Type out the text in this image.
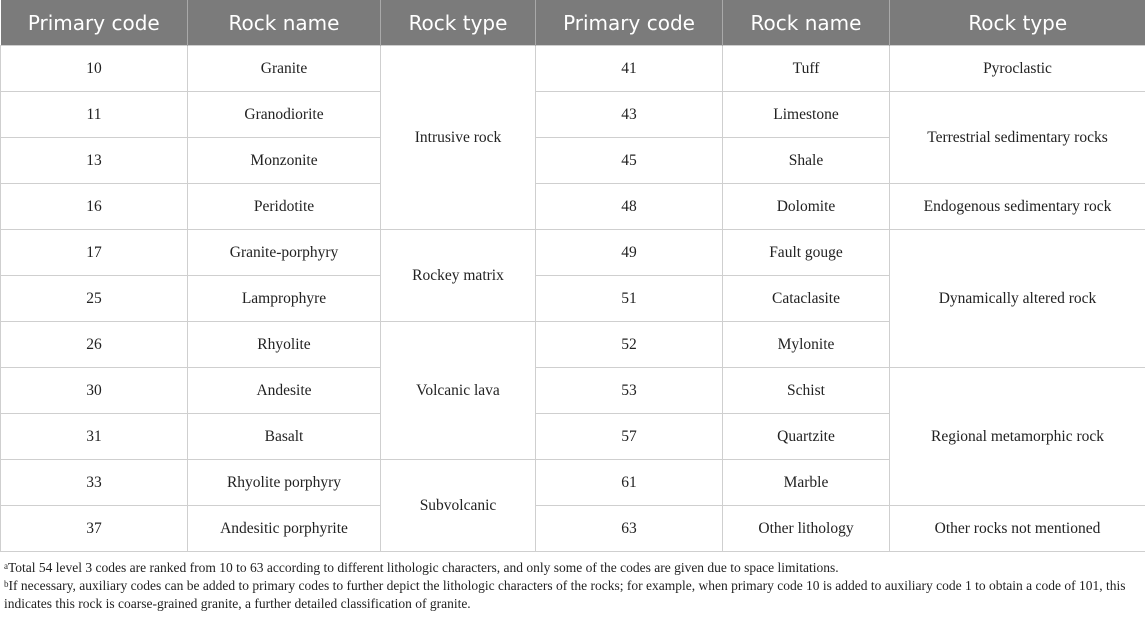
Primary code	Rock name	Rock type	Primary code	Rock name	Rock type
10	Granite	Intrusive rock	41	Tuff	Pyroclastic
11	Granodiorite		43	Limestone	Terrestrial sedimentary rocks
13	Monzonite		45	Shale	
16	Peridotite		48	Dolomite	Endogenous sedimentary rock
17	Granite-porphyry	Rockey matrix	49	Fault gouge	Dynamically altered rock
25	Lamprophyre		51	Cataclasite	
26	Rhyolite	Volcanic lava	52	Mylonite	
30	Andesite		53	Schist	Regional metamorphic rock
31	Basalt		57	Quartzite	
33	Rhyolite porphyry	Subvolcanic	61	Marble	
37	Andesitic porphyrite		63	Other lithology	Other rocks not mentioned

$^a$Total 54 level 3 codes are ranked from 10 to 63 according to different lithologic characters, and only some of the codes are given due to space limitations.

$^b$If necessary, auxiliary codes can be added to primary codes to further depict the lithologic characters of the rocks; for example, when primary code 10 is added to auxiliary code 1 to obtain a code of 101, this indicates this rock is coarse-grained granite, a further detailed classification of granite.
